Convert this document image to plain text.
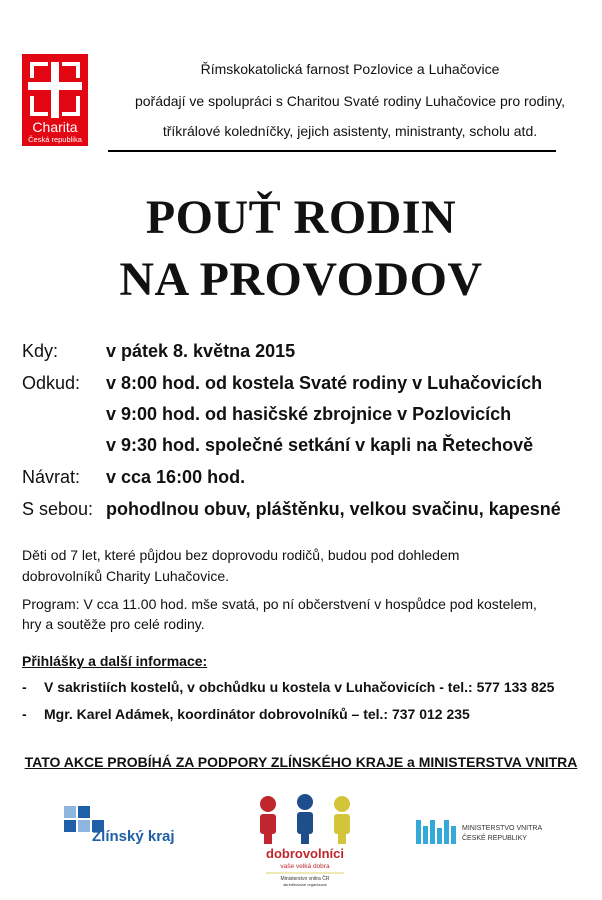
Charita
Česká republika
Římskokatolická farnost Pozlovice a Luhačovice
pořádají ve spolupráci s Charitou Svaté rodiny Luhačovice pro rodiny,
tříkrálové koledníčky, jejich asistenty, ministranty, scholu atd.
POUŤ RODIN
NA PROVODOV
Kdy:	v pátek 8. května 2015
Odkud: v 8:00 hod. od kostela Svaté rodiny v Luhačovicích
v 9:00 hod. od hasičské zbrojnice v Pozlovicích
v 9:30 hod. společné setkání v kapli na Řetechově
Návrat: v cca 16:00 hod.
S sebou: pohodlnou obuv, pláštěnku, velkou svačinu, kapesné
Děti od 7 let, které půjdou bez doprovodu rodičů, budou pod dohledem
dobrovolníků Charity Luhačovice.
Program: V cca 11.00 hod. mše svatá, po ní občerstvení v hospůdce pod kostelem,
hry a soutěže pro celé rodiny.
Přihlášky a další informace:
- V sakristiích kostelů, v obchůdku u kostela v Luhačovicích - tel.: 577 133 825
- Mgr. Karel Adámek, koordinátor dobrovolníků – tel.: 737 012 235
TATO AKCE PROBÍHÁ ZA PODPORY ZLÍNSKÉHO KRAJE a MINISTERSTVA VNITRA
Zlínský kraj
dobrovolníci
vaše velká dobra
Ministerstvo vnitra ČR
akreditované organizace
MINISTERSTVO VNITRA
ČESKÉ REPUBLIKY
